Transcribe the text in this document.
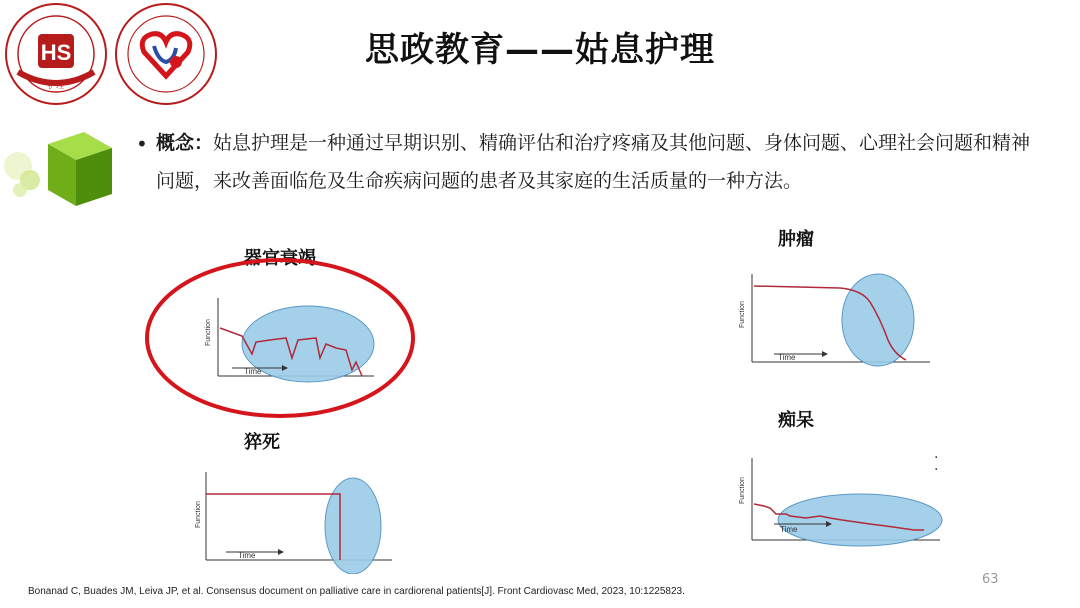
思政教育——姑息护理
HS
护理
• 概念：姑息护理是一种通过早期识别、精确评估和治疗疼痛及其他问题、身体问题、心理社会问题和精神问题，来改善面临危及生命疾病问题的患者及其家庭的生活质量的一种方法。
器官衰竭
肿瘤
猝死
痴呆
Function
Time
Function
Time
Function
Time
Function
Time
·
·
63
Bonanad C, Buades JM, Leiva JP, et al. Consensus document on palliative care in cardiorenal patients[J]. Front Cardiovasc Med, 2023, 10:1225823.
